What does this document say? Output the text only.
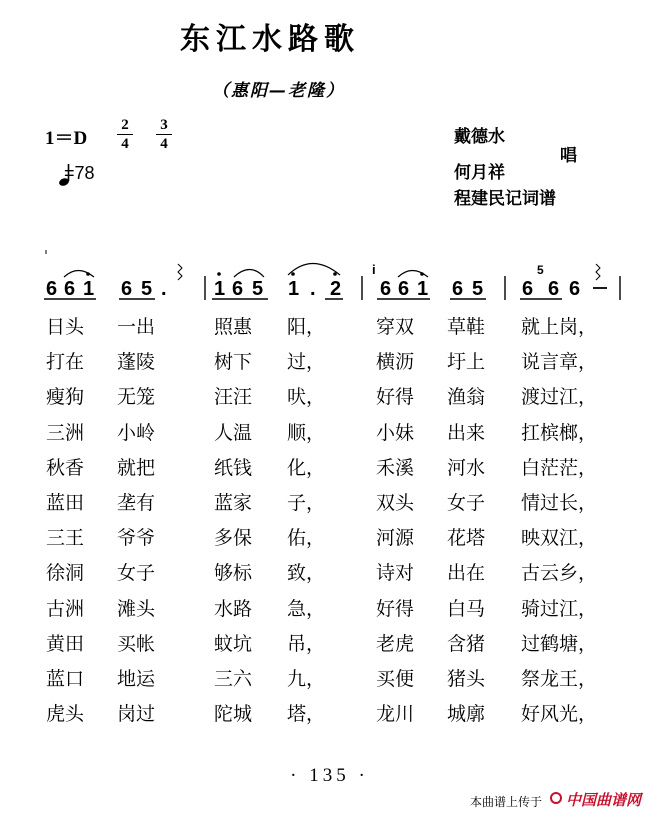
东江水路歌
（惠阳—老隆）
1＝D
2
4
3
4
=78
戴德水
何月祥
唱
程建民记词谱
6 6 1 6 5 . 1 6 5 1 . 2
i
6 6 1 6 5 6
5
6 6
日头 一出	照惠 阳，	穿双 草鞋 就上岗，
打在 蓬陵	树下 过，	横沥 圩上 说言章，
瘦狗 无笼	汪汪 吠，	好得 渔翁 渡过江，
三洲 小岭	人温 顺，	小妹 出来 扛槟榔，
秋香 就把	纸钱 化，	禾溪 河水 白茫茫，
蓝田 垄有	蓝家 子，	双头 女子 情过长，
三王 爷爷	多保 佑，	河源 花塔 映双江，
徐洞 女子	够标 致，	诗对 出在 古云乡，
古洲 滩头	水路 急，	好得 白马 骑过江，
黄田 买帐	蚊坑 吊，	老虎 含猪 过鹤塘，
蓝口 地运	三六 九，	买便 猪头 祭龙王，
虎头 岗过	陀城 塔，	龙川 城廓 好风光，
· 135 ·
本曲谱上传于 中国曲谱网
